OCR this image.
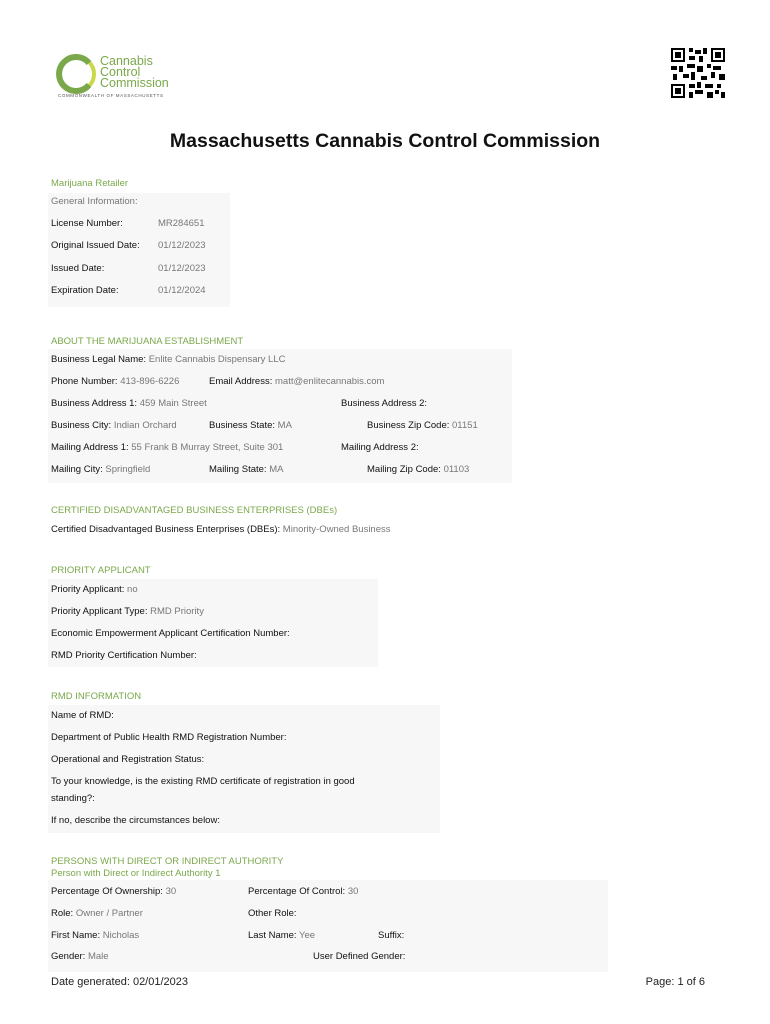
Cannabis
Control
Commission
COMMONWEALTH OF MASSACHUSETTS
Massachusetts Cannabis Control Commission
Marijuana Retailer
General Information:
License Number:	MR284651
Original Issued Date: 01/12/2023
Issued Date:	01/12/2023
Expiration Date:	01/12/2024
ABOUT THE MARIJUANA ESTABLISHMENT
Business Legal Name: Enlite Cannabis Dispensary LLC
Phone Number: 413-896-6226	Email Address: matt@enlitecannabis.com
Business Address 1: 459 Main Street	Business Address 2:
Business City: Indian Orchard	Business State: MA	Business Zip Code: 01151
Mailing Address 1: 55 Frank B Murray Street, Suite 301	Mailing Address 2:
Mailing City: Springfield	Mailing State: MA	Mailing Zip Code: 01103
CERTIFIED DISADVANTAGED BUSINESS ENTERPRISES (DBEs)
Certified Disadvantaged Business Enterprises (DBEs): Minority-Owned Business
PRIORITY APPLICANT
Priority Applicant: no
Priority Applicant Type: RMD Priority
Economic Empowerment Applicant Certification Number:
RMD Priority Certification Number:
RMD INFORMATION
Name of RMD:
Department of Public Health RMD Registration Number:
Operational and Registration Status:
To your knowledge, is the existing RMD certificate of registration in good
standing?:
If no, describe the circumstances below:
PERSONS WITH DIRECT OR INDIRECT AUTHORITY
Person with Direct or Indirect Authority 1
Percentage Of Ownership: 30	Percentage Of Control: 30
Role: Owner / Partner	Other Role:
First Name: Nicholas	Last Name: Yee	Suffix:
Gender: Male	User Defined Gender:
Date generated: 02/01/2023	Page: 1 of 6
